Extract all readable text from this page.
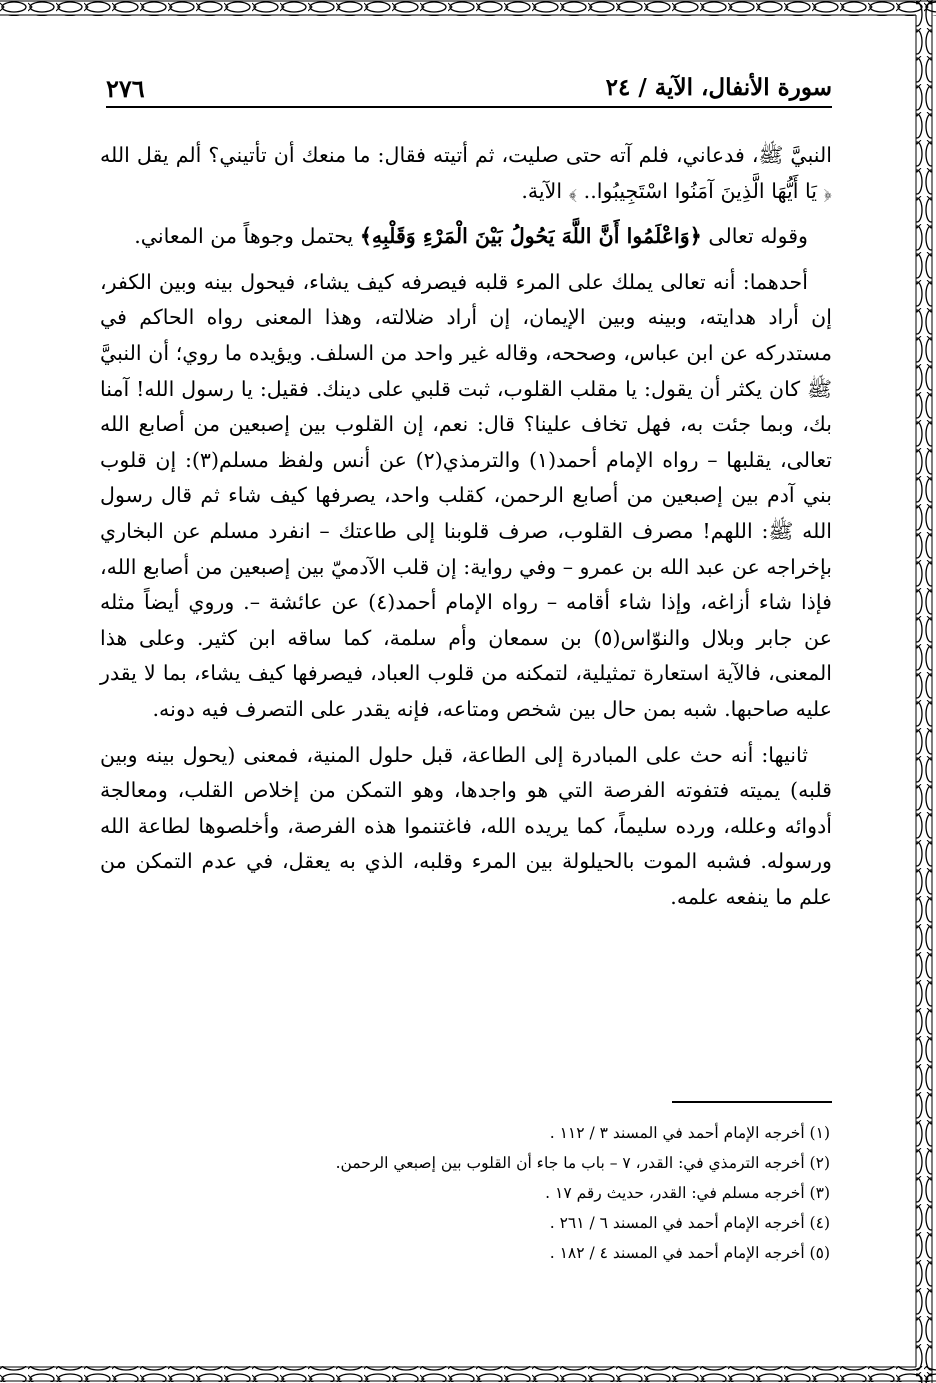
٢٧٦	سورة الأنفال، الآية / ٢٤

النبيَّ ﷺ، فدعاني، فلم آته حتى صليت، ثم أتيته فقال: ما منعك أن تأتيني؟ ألم يقل الله ﴿ يَا أَيُّهَا الَّذِينَ آمَنُوا اسْتَجِيبُوا.. ﴾ الآية.

وقوله تعالى ﴿وَاعْلَمُوا أَنَّ اللَّهَ يَحُولُ بَيْنَ الْمَرْءِ وَقَلْبِهِ﴾ يحتمل وجوهاً من المعاني.

أحدهما: أنه تعالى يملك على المرء قلبه فيصرفه كيف يشاء، فيحول بينه وبين الكفر، إن أراد هدايته، وبينه وبين الإيمان، إن أراد ضلالته، وهذا المعنى رواه الحاكم في مستدركه عن ابن عباس، وصححه، وقاله غير واحد من السلف. ويؤيده ما روي؛ أن النبيَّ ﷺ كان يكثر أن يقول: يا مقلب القلوب، ثبت قلبي على دينك. فقيل: يا رسول الله! آمنا بك، وبما جئت به، فهل تخاف علينا؟ قال: نعم، إن القلوب بين إصبعين من أصابع الله تعالى، يقلبها – رواه الإمام أحمد(١) والترمذي(٢) عن أنس ولفظ مسلم(٣): إن قلوب بني آدم بين إصبعين من أصابع الرحمن، كقلب واحد، يصرفها كيف شاء ثم قال رسول الله ﷺ: اللهم! مصرف القلوب، صرف قلوبنا إلى طاعتك – انفرد مسلم عن البخاري بإخراجه عن عبد الله بن عمرو – وفي رواية: إن قلب الآدميّ بين إصبعين من أصابع الله، فإذا شاء أزاغه، وإذا شاء أقامه – رواه الإمام أحمد(٤) عن عائشة –. وروي أيضاً مثله عن جابر وبلال والنوّاس(٥) بن سمعان وأم سلمة، كما ساقه ابن كثير. وعلى هذا المعنى، فالآية استعارة تمثيلية، لتمكنه من قلوب العباد، فيصرفها كيف يشاء، بما لا يقدر عليه صاحبها. شبه بمن حال بين شخص ومتاعه، فإنه يقدر على التصرف فيه دونه.

ثانيها: أنه حث على المبادرة إلى الطاعة، قبل حلول المنية، فمعنى (يحول بينه وبين قلبه) يميته فتفوته الفرصة التي هو واجدها، وهو التمكن من إخلاص القلب، ومعالجة أدوائه وعلله، ورده سليماً، كما يريده الله، فاغتنموا هذه الفرصة، وأخلصوها لطاعة الله ورسوله. فشبه الموت بالحيلولة بين المرء وقلبه، الذي به يعقل، في عدم التمكن من علم ما ينفعه علمه.

(١) أخرجه الإمام أحمد في المسند ٣ / ١١٢ .

(٢) أخرجه الترمذي في: القدر، ٧ – باب ما جاء أن القلوب بين إصبعي الرحمن.

(٣) أخرجه مسلم في: القدر، حديث رقم ١٧ .

(٤) أخرجه الإمام أحمد في المسند ٦ / ٢٦١ .

(٥) أخرجه الإمام أحمد في المسند ٤ / ١٨٢ .
